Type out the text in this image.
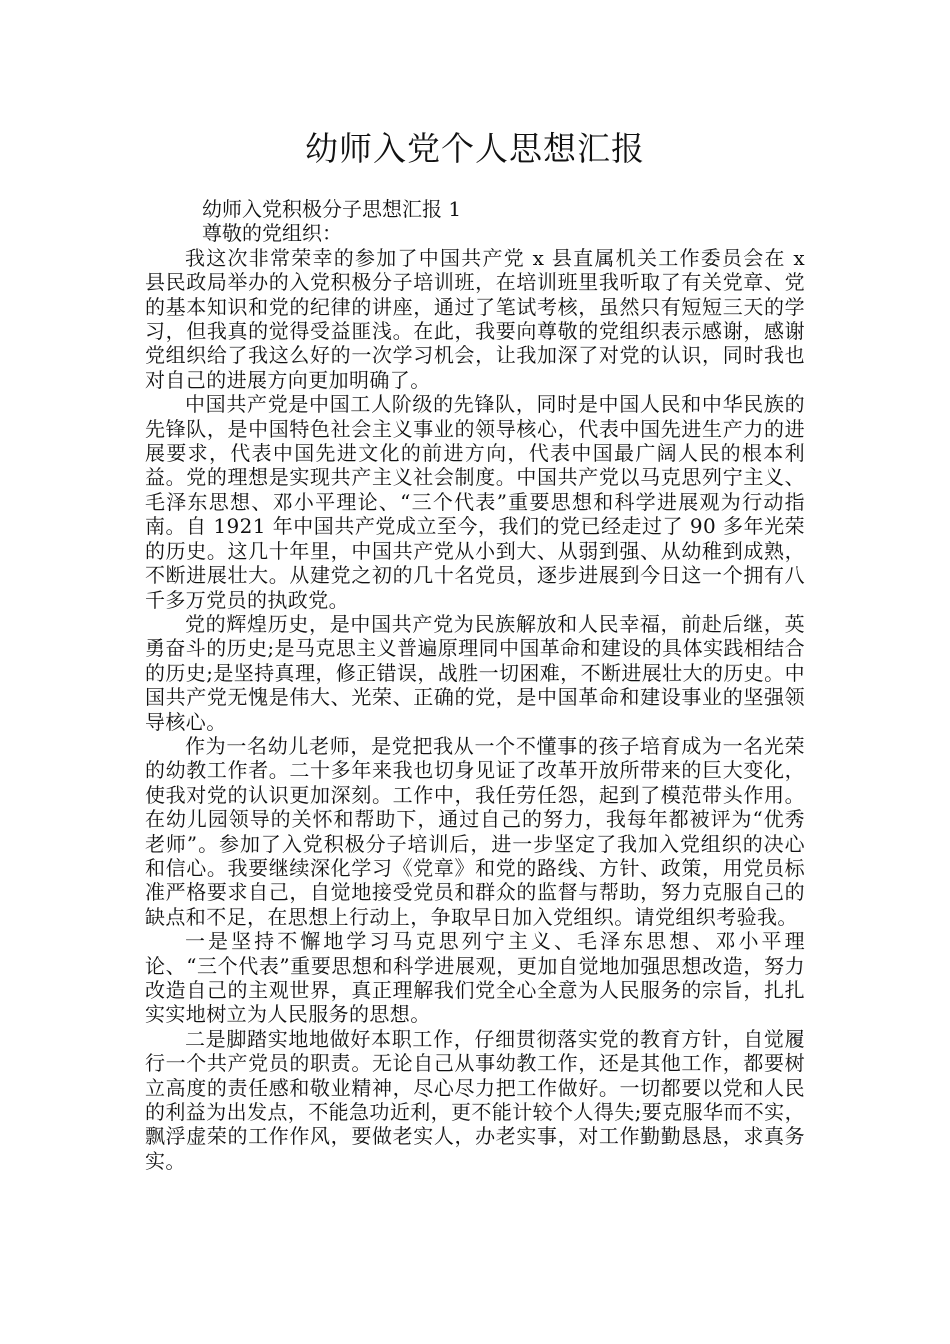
幼师入党个人思想汇报
幼师入党积极分子思想汇报 1
尊敬的党组织：

我这次非常荣幸的参加了中国共产党 x 县直属机关工作委员会在 x 县民政局举办的入党积极分子培训班，在培训班里我听取了有关党章、党的基本知识和党的纪律的讲座，通过了笔试考核，虽然只有短短三天的学习，但我真的觉得受益匪浅。在此，我要向尊敬的党组织表示感谢，感谢党组织给了我这么好的一次学习机会，让我加深了对党的认识，同时我也对自己的进展方向更加明确了。

中国共产党是中国工人阶级的先锋队，同时是中国人民和中华民族的先锋队，是中国特色社会主义事业的领导核心，代表中国先进生产力的进展要求，代表中国先进文化的前进方向，代表中国最广阔人民的根本利益。党的理想是实现共产主义社会制度。中国共产党以马克思列宁主义、毛泽东思想、邓小平理论、“三个代表”重要思想和科学进展观为行动指南。自 1921 年中国共产党成立至今，我们的党已经走过了 90 多年光荣的历史。这几十年里，中国共产党从小到大、从弱到强、从幼稚到成熟，不断进展壮大。从建党之初的几十名党员，逐步进展到今日这一个拥有八千多万党员的执政党。

党的辉煌历史，是中国共产党为民族解放和人民幸福，前赴后继，英勇奋斗的历史;是马克思主义普遍原理同中国革命和建设的具体实践相结合的历史;是坚持真理，修正错误，战胜一切困难，不断进展壮大的历史。中国共产党无愧是伟大、光荣、正确的党，是中国革命和建设事业的坚强领导核心。

作为一名幼儿老师，是党把我从一个不懂事的孩子培育成为一名光荣的幼教工作者。二十多年来我也切身见证了改革开放所带来的巨大变化，使我对党的认识更加深刻。工作中，我任劳任怨，起到了模范带头作用。在幼儿园领导的关怀和帮助下，通过自己的努力，我每年都被评为“优秀老师”。参加了入党积极分子培训后，进一步坚定了我加入党组织的决心和信心。我要继续深化学习《党章》和党的路线、方针、政策，用党员标准严格要求自己，自觉地接受党员和群众的监督与帮助，努力克服自己的缺点和不足，在思想上行动上，争取早日加入党组织。请党组织考验我。

一是坚持不懈地学习马克思列宁主义、毛泽东思想、邓小平理论、“三个代表”重要思想和科学进展观，更加自觉地加强思想改造，努力改造自己的主观世界，真正理解我们党全心全意为人民服务的宗旨，扎扎实实地树立为人民服务的思想。

二是脚踏实地地做好本职工作，仔细贯彻落实党的教育方针，自觉履行一个共产党员的职责。无论自己从事幼教工作，还是其他工作，都要树立高度的责任感和敬业精神，尽心尽力把工作做好。一切都要以党和人民的利益为出发点，不能急功近利，更不能计较个人得失;要克服华而不实，飘浮虚荣的工作作风，要做老实人，办老实事，对工作勤勤恳恳，求真务实。
